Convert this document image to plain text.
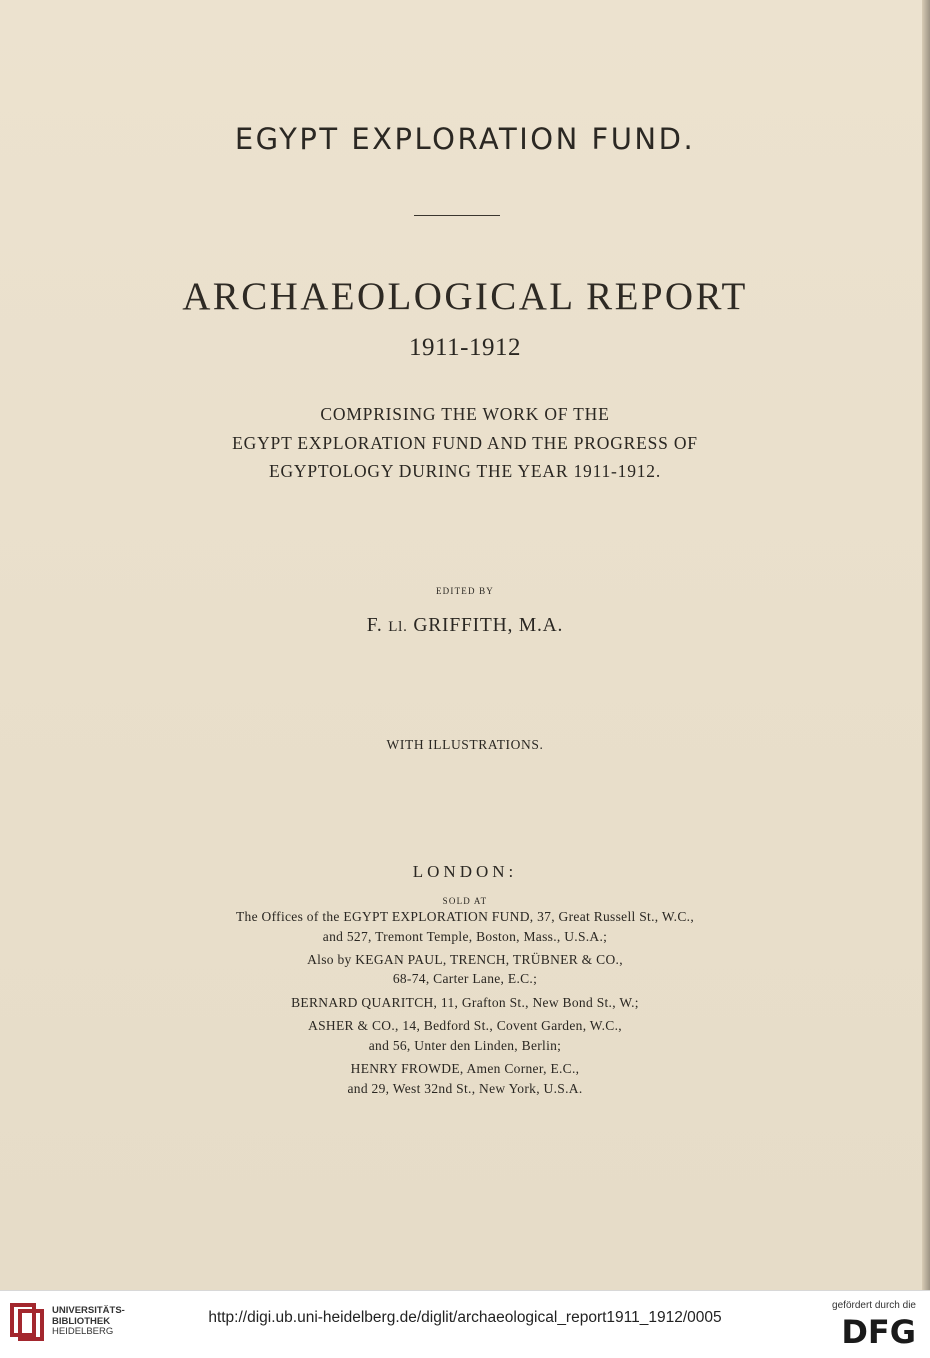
EGYPT EXPLORATION FUND.
ARCHAEOLOGICAL REPORT
1911-1912
COMPRISING THE WORK OF THE
EGYPT EXPLORATION FUND AND THE PROGRESS OF
EGYPTOLOGY DURING THE YEAR 1911-1912.
EDITED BY
F. Ll. GRIFFITH, M.A.
WITH ILLUSTRATIONS.
LONDON:
SOLD AT
The Offices of the EGYPT EXPLORATION FUND, 37, Great Russell St., W.C.,
and 527, Tremont Temple, Boston, Mass., U.S.A.;
Also by KEGAN PAUL, TRENCH, TRÜBNER & CO.,
68-74, Carter Lane, E.C.;
BERNARD QUARITCH, 11, Grafton St., New Bond St., W.;
ASHER & CO., 14, Bedford St., Covent Garden, W.C.,
and 56, Unter den Linden, Berlin;
HENRY FROWDE, Amen Corner, E.C.,
and 29, West 32nd St., New York, U.S.A.
UNIVERSITÄTS-
BIBLIOTHEK
HEIDELBERG
http://digi.ub.uni-heidelberg.de/diglit/archaeological_report1911_1912/0005
gefördert durch die
DFG
